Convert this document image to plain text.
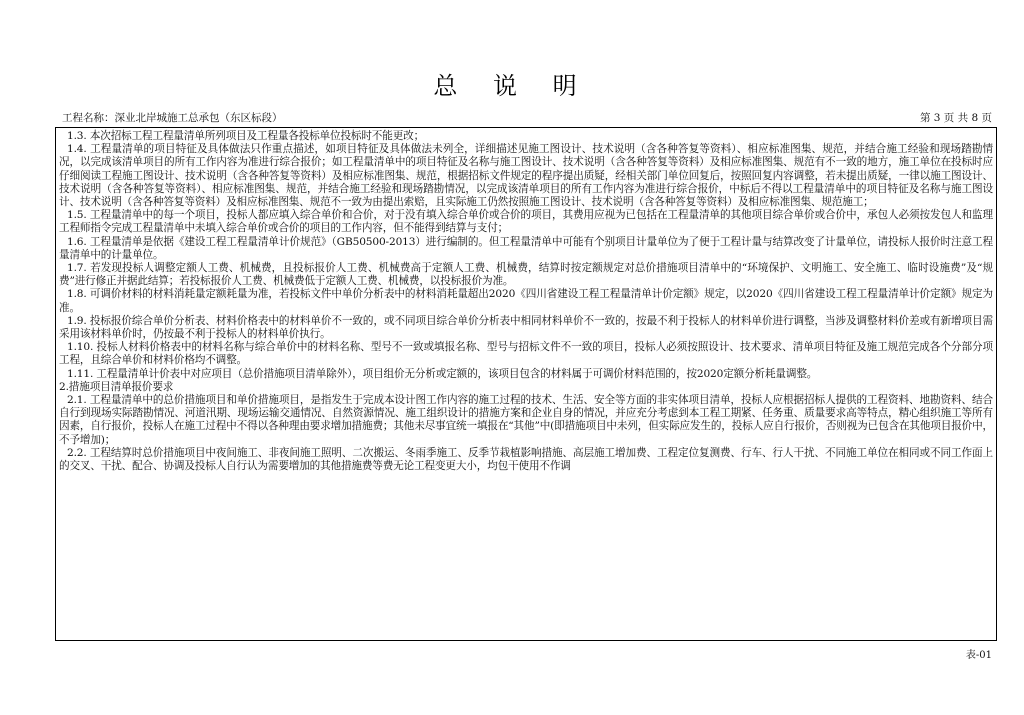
总 说 明
工程名称：深业北岸城施工总承包（东区标段）	第 3 页 共 8 页

1.3. 本次招标工程工程量清单所列项目及工程量各投标单位投标时不能更改；

1.4. 工程量清单的项目特征及具体做法只作重点描述，如项目特征及具体做法未列全，详细描述见施工图设计、技术说明（含各种答复等资料）、相应标准图集、规范，并结合施工经验和现场踏勘情况，以完成该清单项目的所有工作内容为准进行综合报价；如工程量清单中的项目特征及名称与施工图设计、技术说明（含各种答复等资料）及相应标准图集、规范有不一致的地方，施工单位在投标时应仔细阅读工程施工图设计、技术说明（含各种答复等资料）及相应标准图集、规范，根据招标文件规定的程序提出质疑，经相关部门单位回复后，按照回复内容调整，若未提出质疑，一律以施工图设计、技术说明（含各种答复等资料）、相应标准图集、规范，并结合施工经验和现场踏勘情况，以完成该清单项目的所有工作内容为准进行综合报价，中标后不得以工程量清单中的项目特征及名称与施工图设计、技术说明（含各种答复等资料）及相应标准图集、规范不一致为由提出索赔，且实际施工仍然按照施工图设计、技术说明（含各种答复等资料）及相应标准图集、规范施工；

1.5. 工程量清单中的每一个项目，投标人都应填入综合单价和合价，对于没有填入综合单价或合价的项目，其费用应视为已包括在工程量清单的其他项目综合单价或合价中，承包人必须按发包人和监理工程师指令完成工程量清单中未填入综合单价或合价的项目的工作内容，但不能得到结算与支付；

1.6. 工程量清单是依据《建设工程工程量清单计价规范》（GB50500-2013）进行编制的。但工程量清单中可能有个别项目计量单位为了便于工程计量与结算改变了计量单位，请投标人报价时注意工程量清单中的计量单位。

1.7. 若发现投标人调整定额人工费、机械费，且投标报价人工费、机械费高于定额人工费、机械费，结算时按定额规定对总价措施项目清单中的“环境保护、文明施工、安全施工、临时设施费”及“规费”进行修正并据此结算；若投标报价人工费、机械费低于定额人工费、机械费，以投标报价为准。

1.8. 可调价材料的材料消耗量定额耗量为准，若投标文件中单价分析表中的材料消耗量超出2020《四川省建设工程工程量清单计价定额》规定，以2020《四川省建设工程工程量清单计价定额》规定为准。

1.9. 投标报价综合单价分析表、材料价格表中的材料单价不一致的，或不同项目综合单价分析表中相同材料单价不一致的，按最不利于投标人的材料单价进行调整，当涉及调整材料价差或有新增项目需采用该材料单价时，仍按最不利于投标人的材料单价执行。

1.10. 投标人材料价格表中的材料名称与综合单价中的材料名称、型号不一致或填报名称、型号与招标文件不一致的项目，投标人必须按照设计、技术要求、清单项目特征及施工规范完成各个分部分项工程，且综合单价和材料价格均不调整。

1.11. 工程量清单计价表中对应项目（总价措施项目清单除外），项目组价无分析或定额的，该项目包含的材料属于可调价材料范围的，按2020定额分析耗量调整。

2.措施项目清单报价要求

2.1. 工程量清单中的总价措施项目和单价措施项目，是指发生于完成本设计图工作内容的施工过程的技术、生活、安全等方面的非实体项目清单，投标人应根据招标人提供的工程资料、地勘资料、结合自行到现场实际踏勘情况、河道汛期、现场运输交通情况、自然资源情况、施工组织设计的措施方案和企业自身的情况，并应充分考虑到本工程工期紧、任务重、质量要求高等特点，精心组织施工等所有因素，自行报价，投标人在施工过程中不得以各种理由要求增加措施费；其他未尽事宜统一填报在“其他”中(即措施项目中未列，但实际应发生的，投标人应自行报价，否则视为已包含在其他项目报价中，不予增加)；

2.2. 工程结算时总价措施项目中夜间施工、非夜间施工照明、二次搬运、冬雨季施工、反季节栽植影响措施、高层施工增加费、工程定位复测费、行车、行人干扰、不同施工单位在相同或不同工作面上的交叉、干扰、配合、协调及投标人自行认为需要增加的其他措施费等费无论工程变更大小，均包干使用不作调

表-01
